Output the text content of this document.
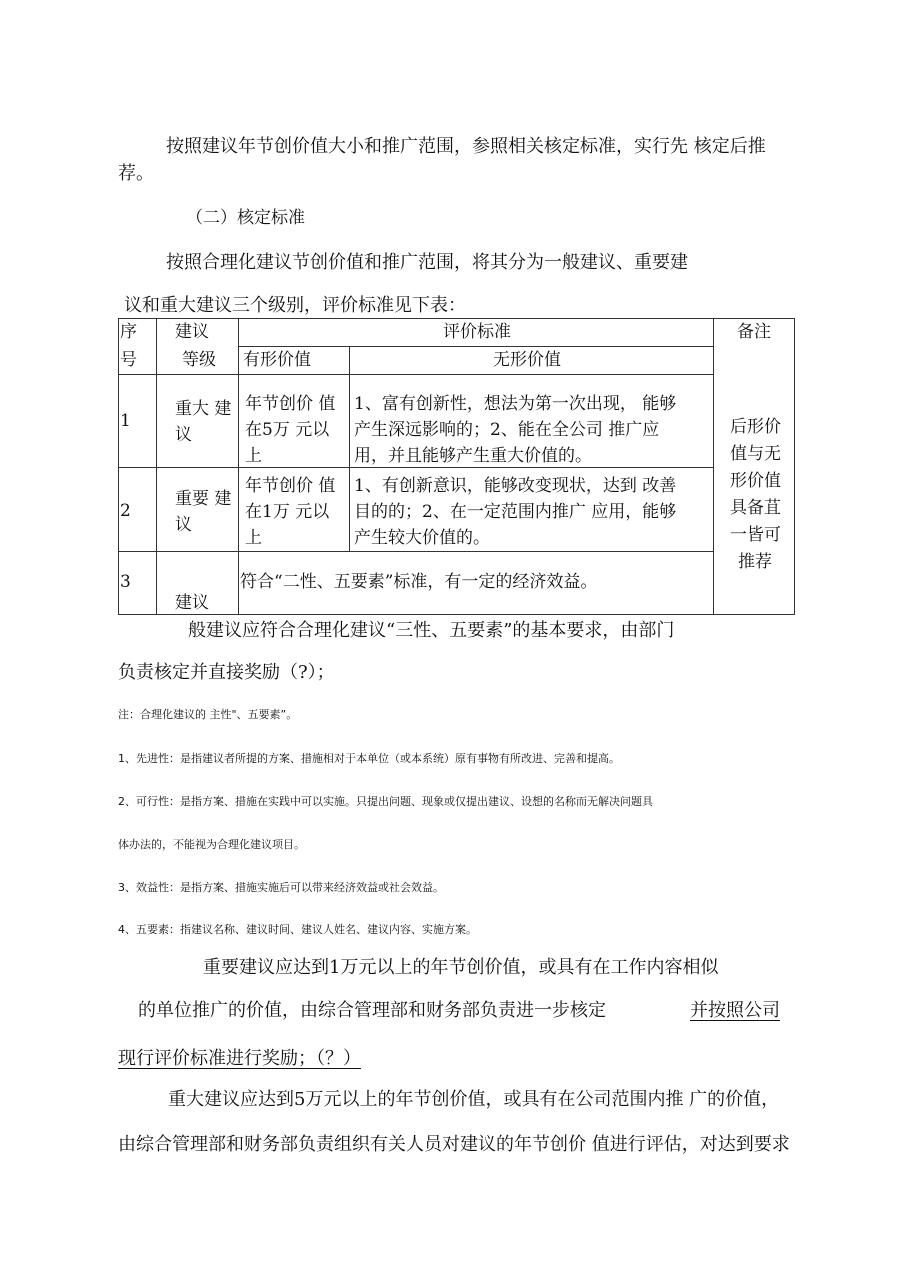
按照建议年节创价值大小和推广范围，参照相关核定标准，实行先 核定后推
荐。
（二）核定标准
按照合理化建议节创价值和推广范围，将其分为一般建议、重要建
议和重大建议三个级别，评价标准见下表：
序
号
建议
等级
评价标准
有形价值	无形价值
备注
1
重大 建
议
年节创价 值
在5万 元以
上
1、富有创新性，想法为第一次出现， 能够
产生深远影响的；2、能在全公司 推广应
用，并且能够产生重大价值的。
2
重要 建
议
年节创价 值
在1万 元以
上
1、有创新意识，能够改变现状，达到 改善
目的的；2、在一定范围内推广 应用，能够
产生较大价值的。
3
建议
符合“二性、五要素”标准，有一定的经济效益。
后形价
值与无
形价值
具备苴
一皆可
推荐
般建议应符合合理化建议“三性、五要素”的基本要求，由部门
负责核定并直接奖励（?）；
注：合理化建议的 主性"、五要素”。
1、先进性：是指建议者所提的方案、措施相对于本单位（或本系统）原有事物有所改进、完善和提高。
2、可行性：是指方案、措施在实践中可以实施。只提出问题、现象或仅提出建议、设想的名称而无解决问题具
体办法的，不能视为合理化建议项目。
3、效益性：是指方案、措施实施后可以带来经济效益或社会效益。
4、五要素：指建议名称、建议时间、建议人姓名、建议内容、实施方案。
重要建议应达到1万元以上的年节创价值，或具有在工作内容相似
的单位推广的价值，由综合管理部和财务部负责进一步核定	并按照公司
现行评价标准进行奖励；（？）
重大建议应达到5万元以上的年节创价值，或具有在公司范围内推 广的价值，
由综合管理部和财务部负责组织有关人员对建议的年节创价 值进行评估，对达到要求
